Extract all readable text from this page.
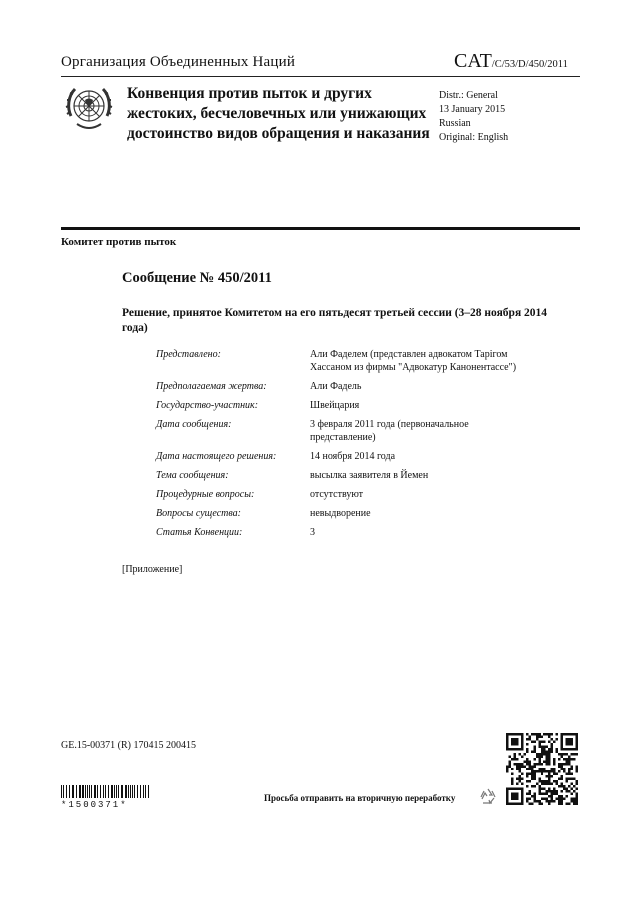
Организация Объединенных Наций	CAT/C/53/D/450/2011
Конвенция против пыток и других жестоких, бесчеловечных или унижающих достоинство видов обращения и наказания
Distr.: General
13 January 2015
Russian
Original: English
Комитет против пыток
Сообщение № 450/2011
Решение, принятое Комитетом на его пятьдесят третьей сессии (3–28 ноября 2014 года)
Представлено:	Али Фаделем (представлен адвокатом Тарігом Хассаном из фирмы "Адвокатур Канонентассе")
Предполагаемая жертва:	Али Фадель
Государство-участник:	Швейцария
Дата сообщения:	3 февраля 2011 года (первоначальное представление)
Дата настоящего решения:	14 ноября 2014 года
Тема сообщения:	высылка заявителя в Йемен
Процедурные вопросы:	отсутствуют
Вопросы существа:	невыдворение
Статья Конвенции:	3
[Приложение]
GE.15-00371 (R) 170415 200415
*1500371*
Просьба отправить на вторичную переработку
